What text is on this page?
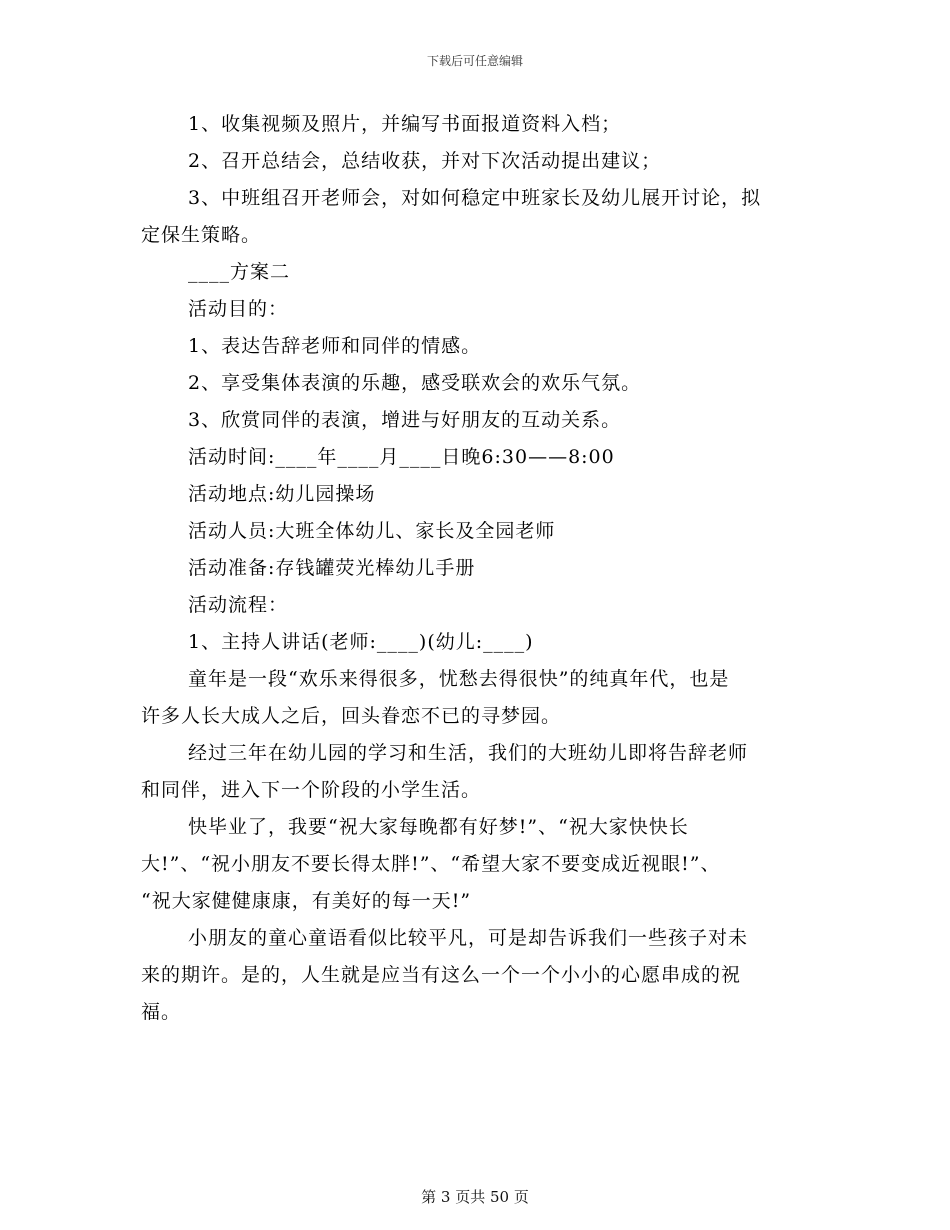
下载后可任意编辑
1、收集视频及照片，并编写书面报道资料入档；
2、召开总结会，总结收获，并对下次活动提出建议；
3、中班组召开老师会，对如何稳定中班家长及幼儿展开讨论，拟
定保生策略。
____方案二
活动目的：
1、表达告辞老师和同伴的情感。
2、享受集体表演的乐趣，感受联欢会的欢乐气氛。
3、欣赏同伴的表演，增进与好朋友的互动关系。
活动时间:____年____月____日晚6:30——8:00
活动地点:幼儿园操场
活动人员:大班全体幼儿、家长及全园老师
活动准备:存钱罐荧光棒幼儿手册
活动流程：
1、主持人讲话(老师:____)(幼儿:____)
童年是一段“欢乐来得很多，忧愁去得很快”的纯真年代，也是
许多人长大成人之后，回头眷恋不已的寻梦园。
经过三年在幼儿园的学习和生活，我们的大班幼儿即将告辞老师
和同伴，进入下一个阶段的小学生活。
快毕业了，我要“祝大家每晚都有好梦!”、“祝大家快快长
大!”、“祝小朋友不要长得太胖!”、“希望大家不要变成近视眼!”、
“祝大家健健康康，有美好的每一天!”
小朋友的童心童语看似比较平凡，可是却告诉我们一些孩子对未
来的期许。是的，人生就是应当有这么一个一个小小的心愿串成的祝
福。
第 3 页共 50 页
